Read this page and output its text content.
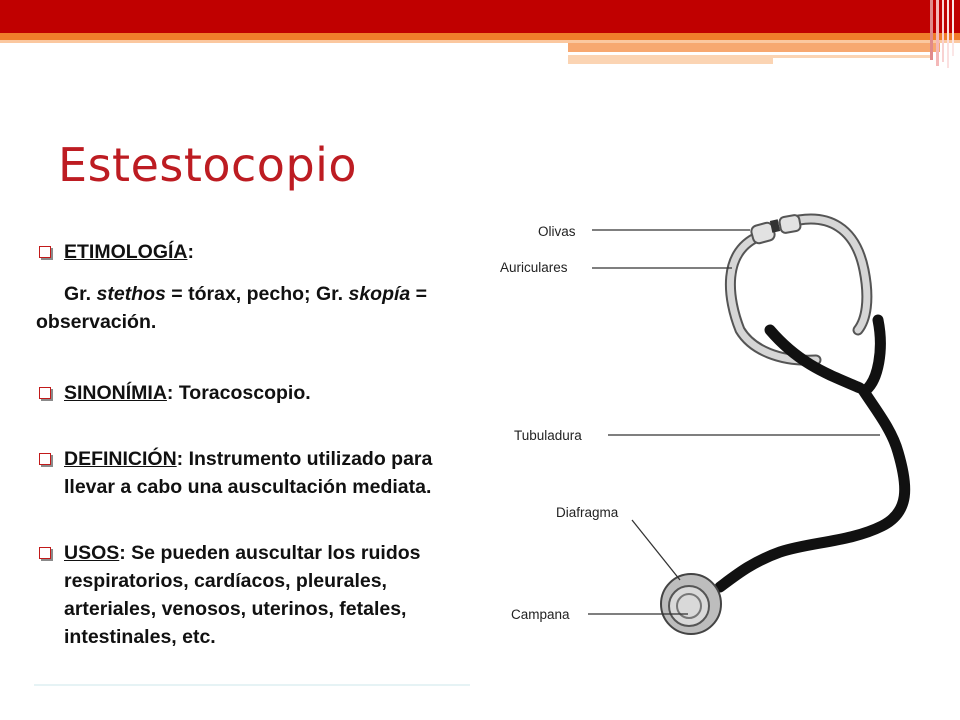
Estestocopio
ETIMOLOGÍA:
Gr. stethos = tórax, pecho; Gr. skopía = observación.
SINONÍMIA: Toracoscopio.
DEFINICIÓN: Instrumento utilizado para
llevar a cabo una auscultación mediata.
USOS: Se pueden auscultar los ruidos
respiratorios, cardíacos, pleurales, arteriales, venosos, uterinos, fetales, intestinales, etc.
Olivas
Auriculares
Tubuladura
Diafragma
Campana
